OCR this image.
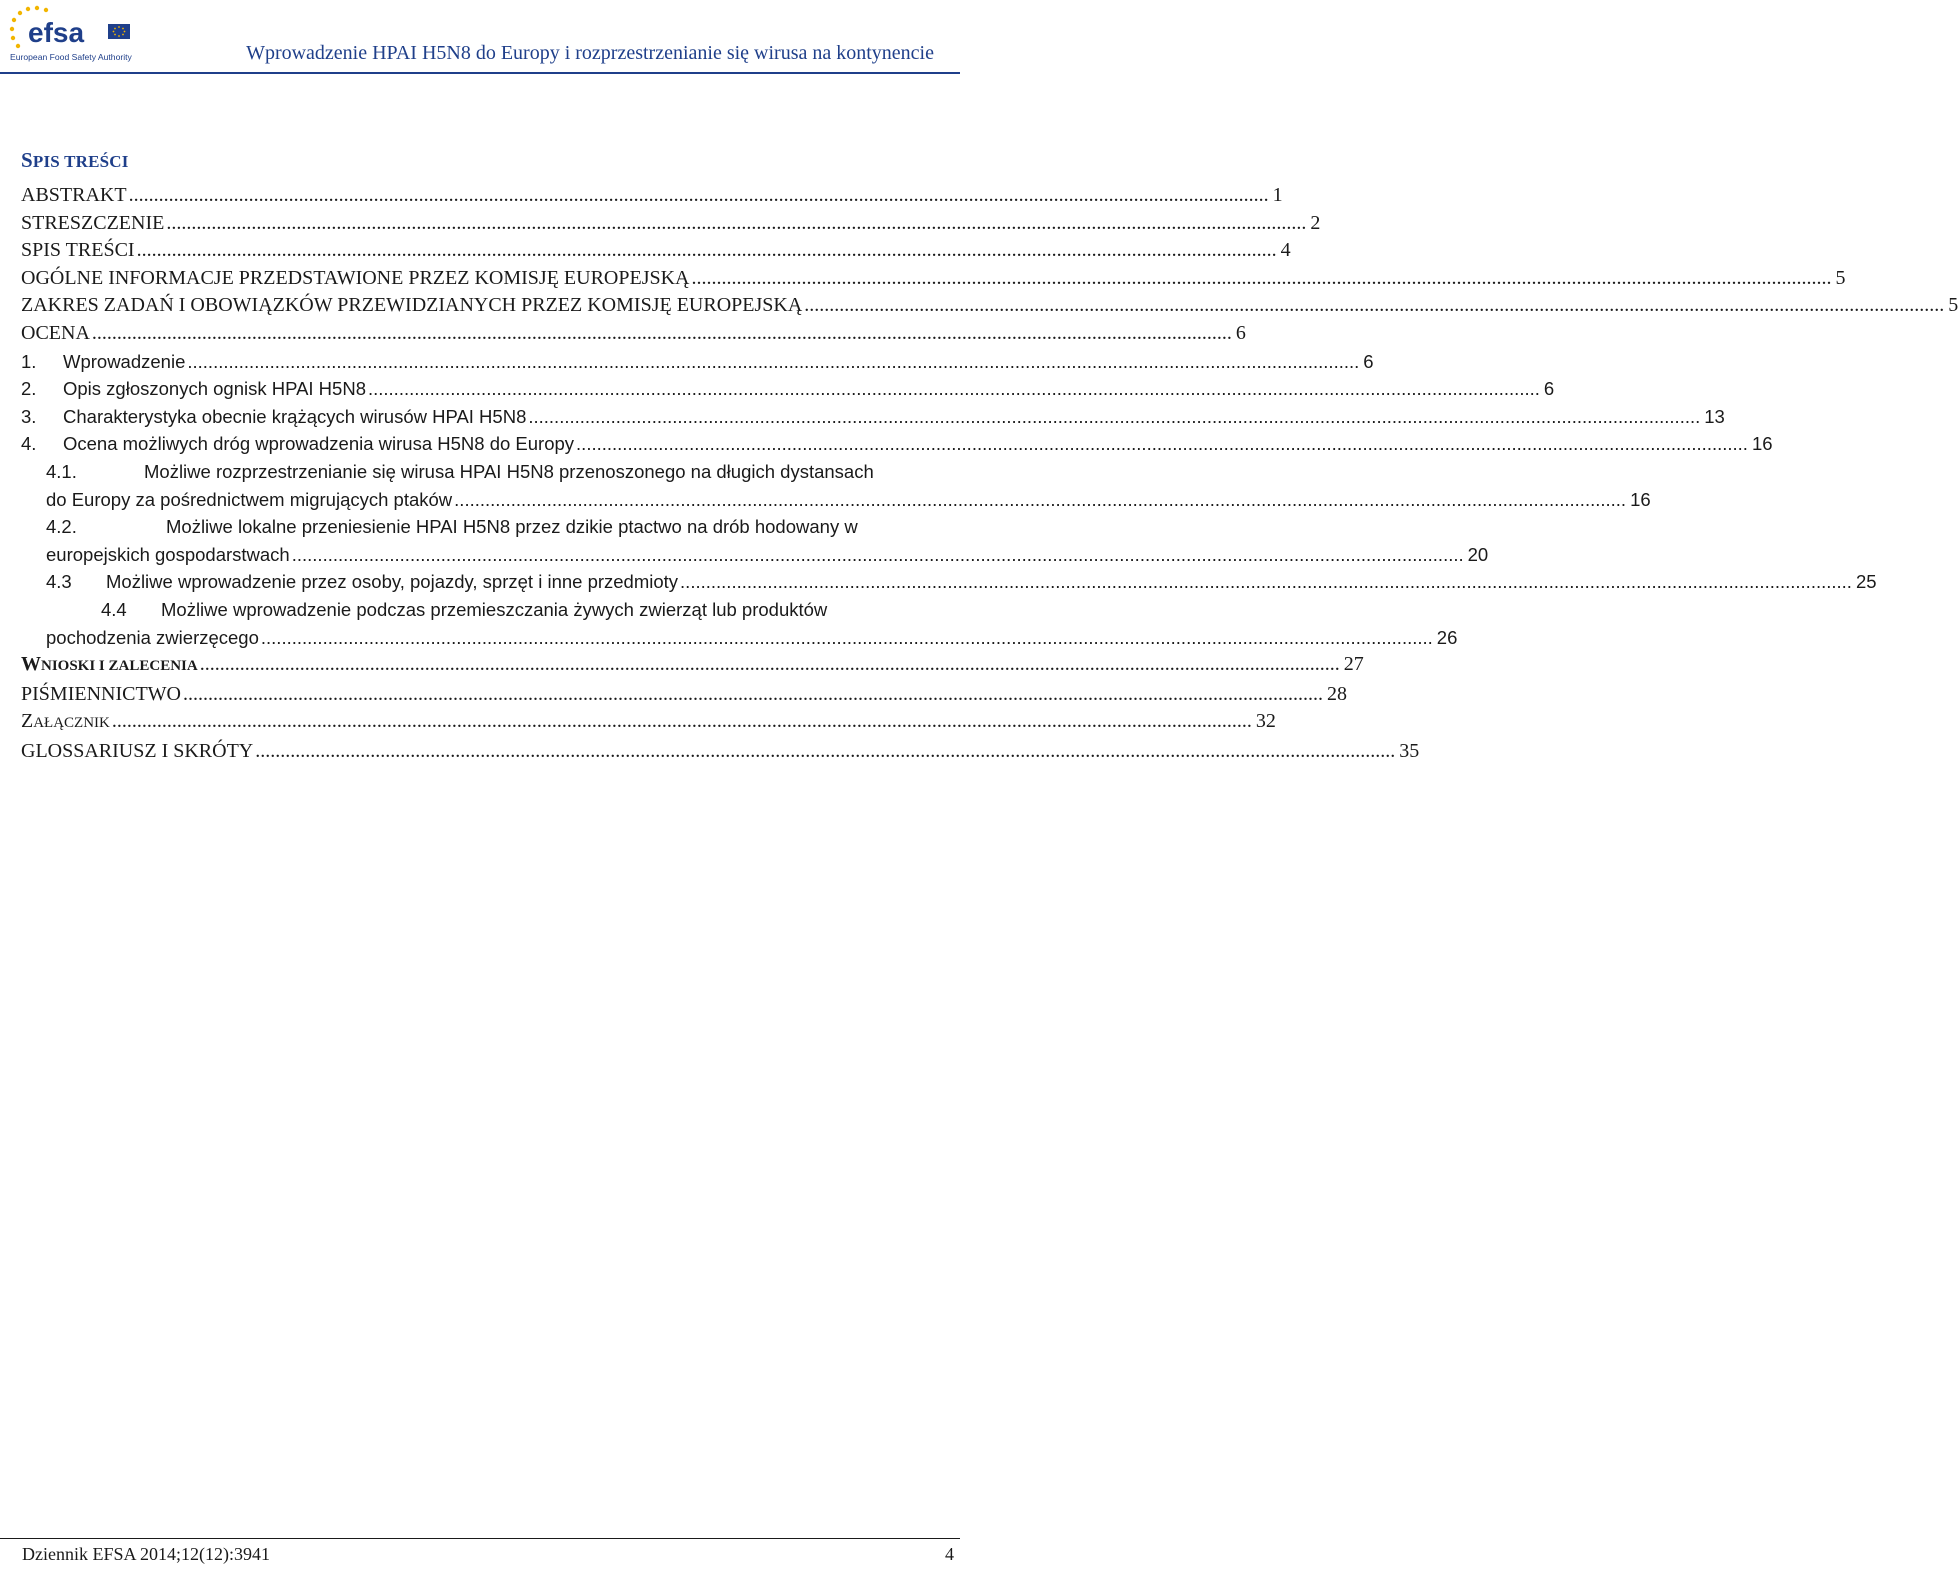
efsa
European Food Safety Authority	Wprowadzenie HPAI H5N8 do Europy i rozprzestrzenianie się wirusa na kontynencie
SPIS TREŚCI
ABSTRAKT .....	1
STRESZCZENIE .....	2
SPIS TREŚCI .....	4
OGÓLNE INFORMACJE PRZEDSTAWIONE PRZEZ KOMISJĘ EUROPEJSKĄ .....	5
ZAKRES ZADAŃ I OBOWIĄZKÓW PRZEWIDZIANYCH PRZEZ KOMISJĘ EUROPEJSKĄ .....	5
OCENA .....	6
1. Wprowadzenie .....	6
2. Opis zgłoszonych ognisk HPAI H5N8 .....	6
3. Charakterystyka obecnie krążących wirusów HPAI H5N8 .....	13
4. Ocena możliwych dróg wprowadzenia wirusa H5N8 do Europy .....	16
4.1.	Możliwe rozprzestrzenianie się wirusa HPAI H5N8 przenoszonego na długich dystansach
do Europy za pośrednictwem migrujących ptaków .....	16
4.2.	Możliwe lokalne przeniesienie HPAI H5N8 przez dzikie ptactwo na drób hodowany w
europejskich gospodarstwach .....	20
4.3 Możliwe wprowadzenie przez osoby, pojazdy, sprzęt i inne przedmioty .....	25
4.4 Możliwe wprowadzenie podczas przemieszczania żywych zwierząt lub produktów
pochodzenia zwierzęcego .....	26
WNIOSKI I ZALECENIA .....	27
PIŚMIENNICTWO .....	28
ZAŁĄCZNIK .....	32
GLOSSARIUSZ I SKRÓTY .....	35
Dziennik EFSA 2014;12(12):3941	4
